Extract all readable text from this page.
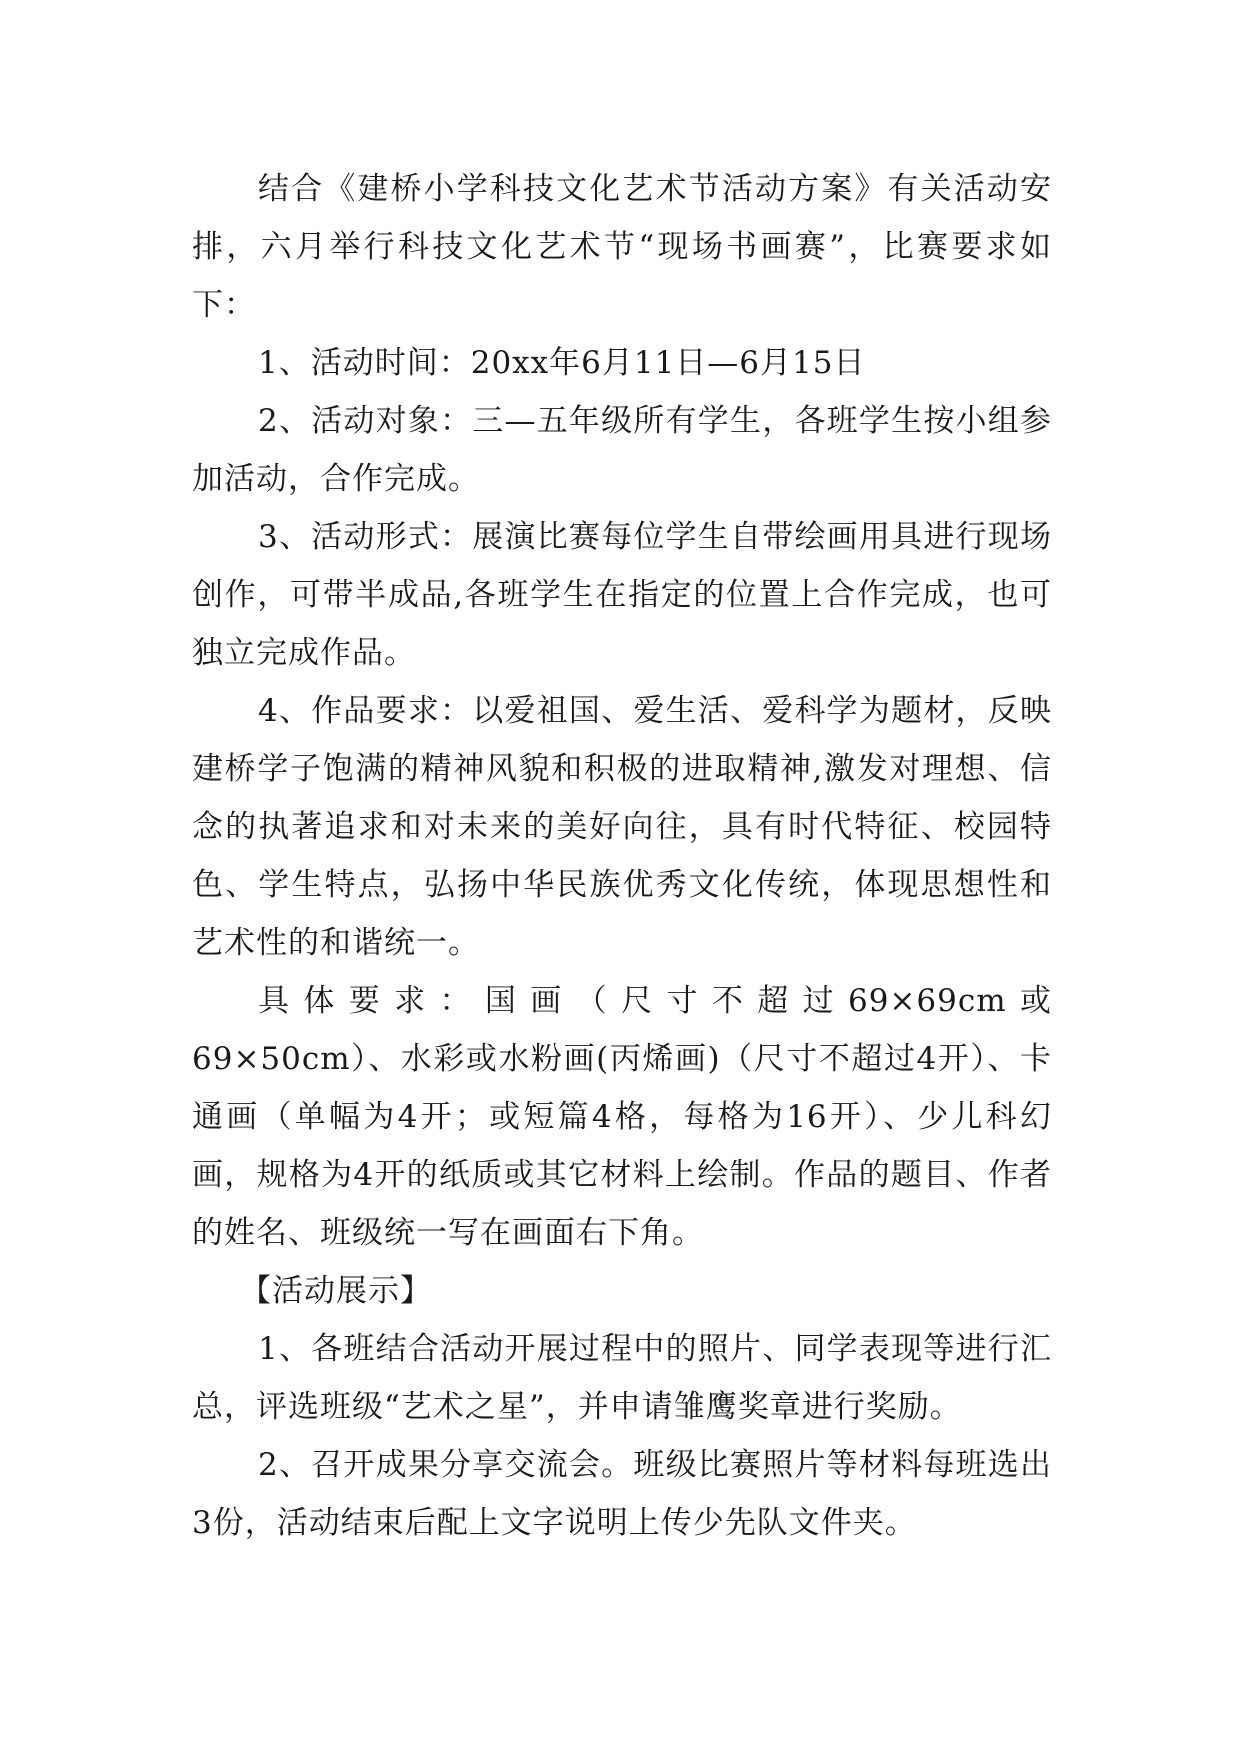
结合《建桥小学科技文化艺术节活动方案》有关活动安排，六月举行科技文化艺术节“现场书画赛”，比赛要求如下：

1、活动时间：20xx年6月11日—6月15日

2、活动对象：三—五年级所有学生，各班学生按小组参加活动，合作完成。

3、活动形式：展演比赛每位学生自带绘画用具进行现场创作，可带半成品,各班学生在指定的位置上合作完成，也可独立完成作品。

4、作品要求：以爱祖国、爱生活、爱科学为题材，反映建桥学子饱满的精神风貌和积极的进取精神,激发对理想、信念的执著追求和对未来的美好向往，具有时代特征、校园特色、学生特点，弘扬中华民族优秀文化传统，体现思想性和艺术性的和谐统一。

具体要求：国画（尺寸不超过69×69cm或69×50cm）、水彩或水粉画(丙烯画)（尺寸不超过4开）、卡通画（单幅为4开；或短篇4格，每格为16开）、少儿科幻画，规格为4开的纸质或其它材料上绘制。作品的题目、作者的姓名、班级统一写在画面右下角。

【活动展示】

1、各班结合活动开展过程中的照片、同学表现等进行汇总，评选班级“艺术之星”，并申请雏鹰奖章进行奖励。

2、召开成果分享交流会。班级比赛照片等材料每班选出3份，活动结束后配上文字说明上传少先队文件夹。
